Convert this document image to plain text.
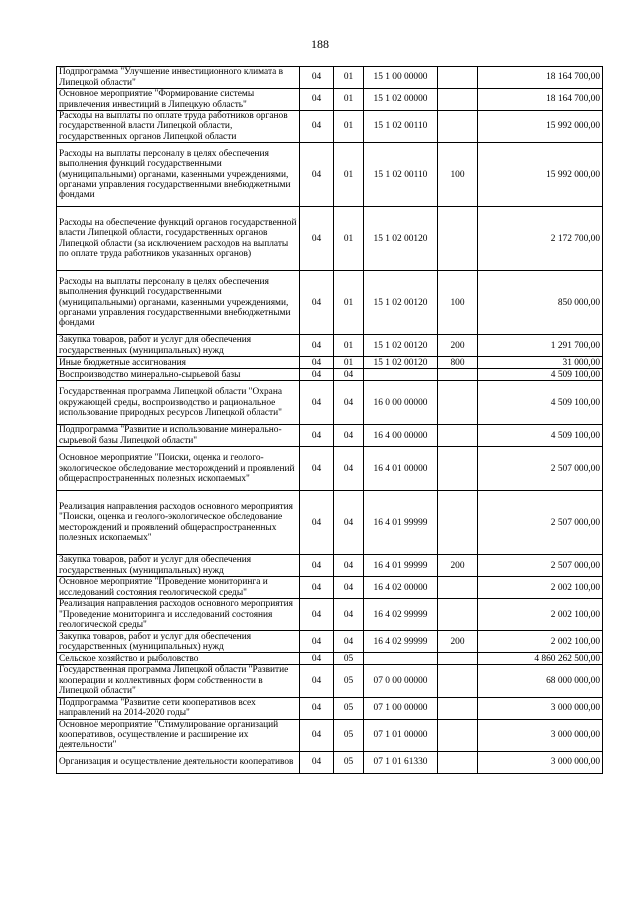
188
Подпрограмма "Улучшение инвестиционного климата в Липецкой области"	04	01	15 1 00 00000		18 164 700,00
Основное мероприятие "Формирование системы привлечения инвестиций в Липецкую область"	04	01	15 1 02 00000		18 164 700,00
Расходы на выплаты по оплате труда работников органов государственной власти Липецкой области, государственных органов Липецкой области	04	01	15 1 02 00110		15 992 000,00
Расходы на выплаты персоналу в целях обеспечения выполнения функций государственными (муниципальными) органами, казенными учреждениями, органами управления государственными внебюджетными фондами	04	01	15 1 02 00110	100	15 992 000,00
Расходы на обеспечение функций органов государственной власти Липецкой области, государственных органов Липецкой области (за исключением расходов на выплаты по оплате труда работников указанных органов)	04	01	15 1 02 00120		2 172 700,00
Расходы на выплаты персоналу в целях обеспечения выполнения функций государственными (муниципальными) органами, казенными учреждениями, органами управления государственными внебюджетными фондами	04	01	15 1 02 00120	100	850 000,00
Закупка товаров, работ и услуг для обеспечения государственных (муниципальных) нужд	04	01	15 1 02 00120	200	1 291 700,00
Иные бюджетные ассигнования	04	01	15 1 02 00120	800	31 000,00
Воспроизводство минерально-сырьевой базы	04	04			4 509 100,00
Государственная программа Липецкой области "Охрана окружающей среды, воспроизводство и рациональное использование природных ресурсов Липецкой области"	04	04	16 0 00 00000		4 509 100,00
Подпрограмма "Развитие и использование минерально-сырьевой базы Липецкой области"	04	04	16 4 00 00000		4 509 100,00
Основное мероприятие "Поиски, оценка и геолого-экологическое обследование месторождений и проявлений общераспространенных полезных ископаемых"	04	04	16 4 01 00000		2 507 000,00
Реализация направления расходов основного мероприятия "Поиски, оценка и геолого-экологическое обследование месторождений и проявлений общераспространенных полезных ископаемых"	04	04	16 4 01 99999		2 507 000,00
Закупка товаров, работ и услуг для обеспечения государственных (муниципальных) нужд	04	04	16 4 01 99999	200	2 507 000,00
Основное мероприятие "Проведение мониторинга и исследований состояния геологической среды"	04	04	16 4 02 00000		2 002 100,00
Реализация направления расходов основного мероприятия "Проведение мониторинга и исследований состояния геологической среды"	04	04	16 4 02 99999		2 002 100,00
Закупка товаров, работ и услуг для обеспечения государственных (муниципальных) нужд	04	04	16 4 02 99999	200	2 002 100,00
Сельское хозяйство и рыболовство	04	05			4 860 262 500,00
Государственная программа Липецкой области "Развитие кооперации и коллективных форм собственности в Липецкой области"	04	05	07 0 00 00000		68 000 000,00
Подпрограмма "Развитие сети кооперативов всех направлений на 2014-2020 годы"	04	05	07 1 00 00000		3 000 000,00
Основное мероприятие "Стимулирование организаций кооперативов, осуществление и расширение их деятельности"	04	05	07 1 01 00000		3 000 000,00
Организация и осуществление деятельности кооперативов	04	05	07 1 01 61330		3 000 000,00
